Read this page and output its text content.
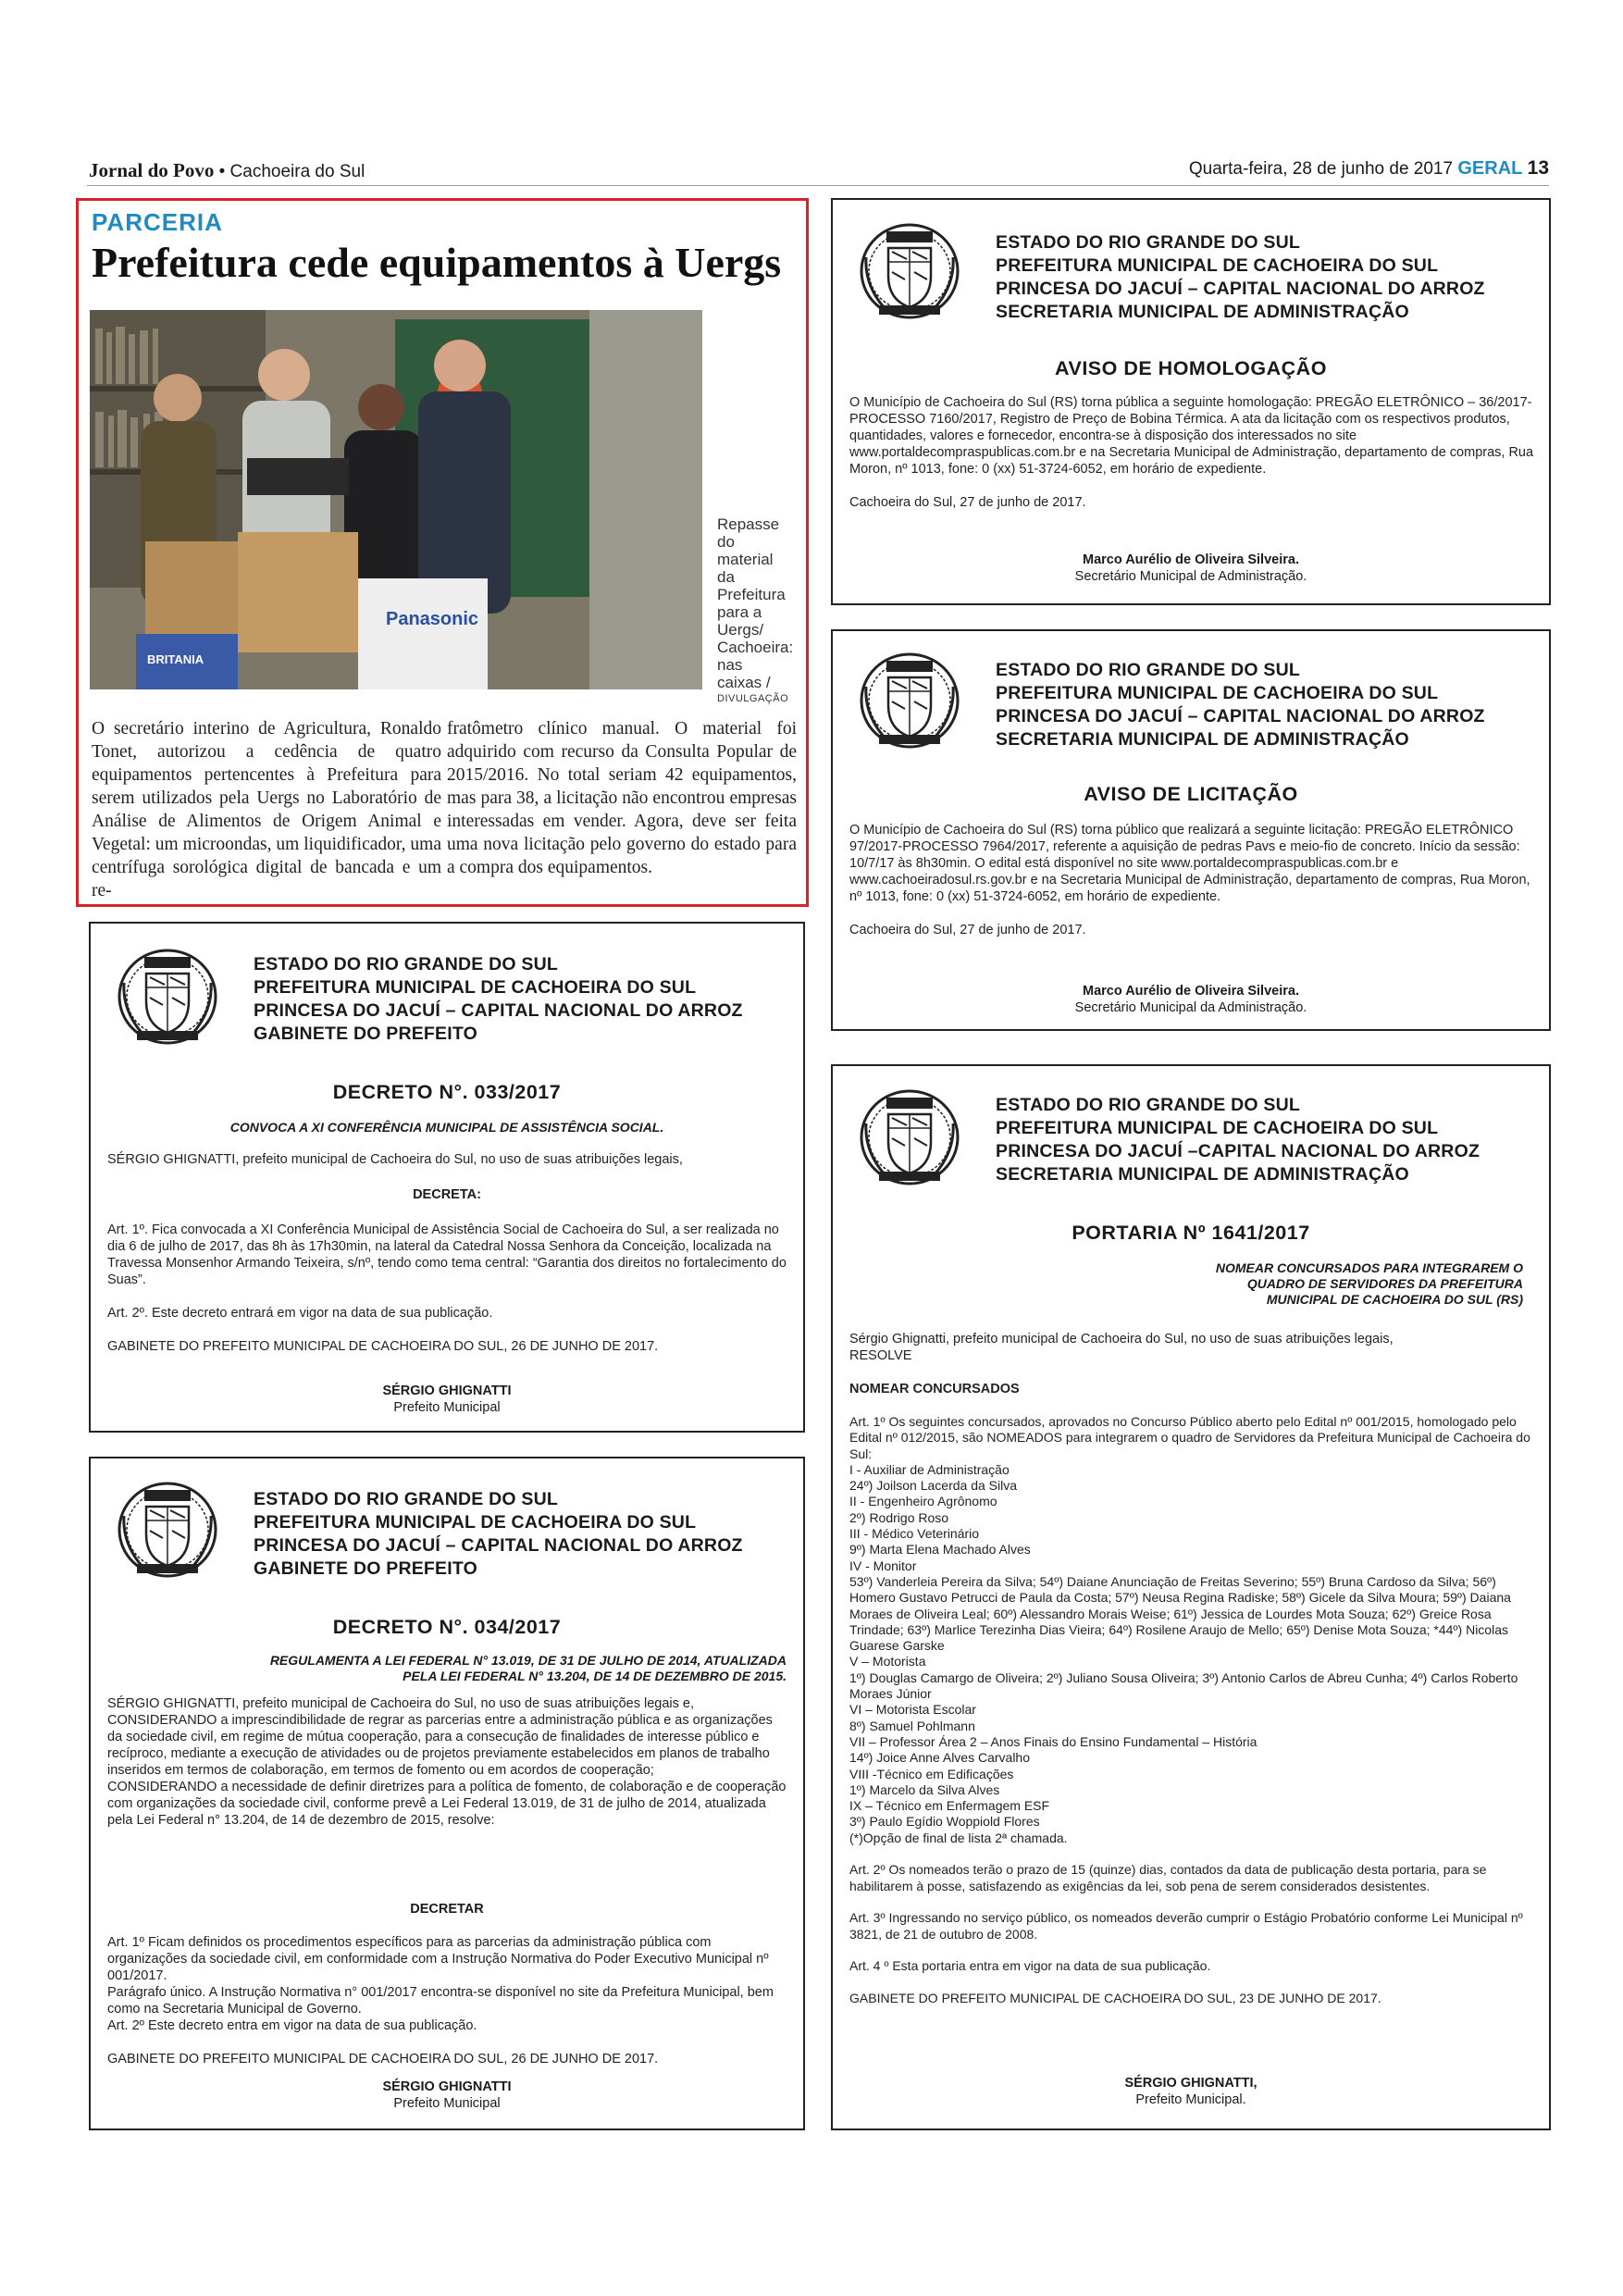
Jornal do Povo • Cachoeira do Sul	Quarta-feira, 28 de junho de 2017 GERAL 13
PARCERIA
Prefeitura cede equipamentos à Uergs
Panasonic
BRITANIA
Repasse do material da Prefeitura para a Uergs/ Cachoeira: nas caixas /
DIVULGAÇÃO
O secretário interino de Agricultura, Ronaldo Tonet, autorizou a cedência de quatro equipamentos pertencentes à Prefeitura para serem utilizados pela Uergs no Laboratório de Análise de Alimentos de Origem Animal e Vegetal: um microondas, um liquidificador, uma centrífuga sorológica digital de bancada e um re-
fratômetro clínico manual. O material foi adquirido com recurso da Consulta Popular de 2015/2016. No total seriam 42 equipamentos, mas para 38, a licitação não encontrou empresas interessadas em vender. Agora, deve ser feita uma nova licitação pelo governo do estado para a compra dos equipamentos.
ESTADO DO RIO GRANDE DO SUL
PREFEITURA MUNICIPAL DE CACHOEIRA DO SUL
PRINCESA DO JACUÍ – CAPITAL NACIONAL DO ARROZ
SECRETARIA MUNICIPAL DE ADMINISTRAÇÃO
AVISO DE HOMOLOGAÇÃO
O Município de Cachoeira do Sul (RS) torna pública a seguinte homologação: PREGÃO ELETRÔNICO – 36/2017-PROCESSO 7160/2017, Registro de Preço de Bobina Térmica. A ata da licitação com os respectivos produtos, quantidades, valores e fornecedor, encontra-se à disposição dos interessados no site www.portaldecompraspublicas.com.br e na Secretaria Municipal de Administração, departamento de compras, Rua Moron, nº 1013, fone: 0 (xx) 51-3724-6052, em horário de expediente.

Cachoeira do Sul, 27 de junho de 2017.
Marco Aurélio de Oliveira Silveira.
Secretário Municipal de Administração.
ESTADO DO RIO GRANDE DO SUL
PREFEITURA MUNICIPAL DE CACHOEIRA DO SUL
PRINCESA DO JACUÍ – CAPITAL NACIONAL DO ARROZ
SECRETARIA MUNICIPAL DE ADMINISTRAÇÃO
AVISO DE LICITAÇÃO
O Município de Cachoeira do Sul (RS) torna público que realizará a seguinte licitação: PREGÃO ELETRÔNICO 97/2017-PROCESSO 7964/2017, referente a aquisição de pedras Pavs e meio-fio de concreto. Início da sessão: 10/7/17 às 8h30min. O edital está disponível no site www.portaldecomprаspublicas.com.br e www.cachoeiradosul.rs.gov.br e na Secretaria Municipal de Administração, departamento de compras, Rua Moron, nº 1013, fone: 0 (xx) 51-3724-6052, em horário de expediente.

Cachoeira do Sul, 27 de junho de 2017.
Marco Aurélio de Oliveira Silveira.
Secretário Municipal da Administração.
ESTADO DO RIO GRANDE DO SUL
PREFEITURA MUNICIPAL DE CACHOEIRA DO SUL
PRINCESA DO JACUÍ – CAPITAL NACIONAL DO ARROZ
GABINETE DO PREFEITO
DECRETO N°. 033/2017
CONVOCA A XI CONFERÊNCIA MUNICIPAL DE ASSISTÊNCIA SOCIAL.
SÉRGIO GHIGNATTI, prefeito municipal de Cachoeira do Sul, no uso de suas atribuições legais,
DECRETA:
Art. 1º. Fica convocada a XI Conferência Municipal de Assistência Social de Cachoeira do Sul, a ser realizada no dia 6 de julho de 2017, das 8h às 17h30min, na lateral da Catedral Nossa Senhora da Conceição, localizada na Travessa Monsenhor Armando Teixeira, s/nº, tendo como tema central: “Garantia dos direitos no fortalecimento do Suas”.

Art. 2º. Este decreto entrará em vigor na data de sua publicação.

GABINETE DO PREFEITO MUNICIPAL DE CACHOEIRA DO SUL, 26 DE JUNHO DE 2017.
SÉRGIO GHIGNATTI
Prefeito Municipal
ESTADO DO RIO GRANDE DO SUL
PREFEITURA MUNICIPAL DE CACHOEIRA DO SUL
PRINCESA DO JACUÍ – CAPITAL NACIONAL DO ARROZ
GABINETE DO PREFEITO
DECRETO N°. 034/2017
REGULAMENTA A LEI FEDERAL N° 13.019, DE 31 DE JULHO DE 2014, ATUALIZADA
PELA LEI FEDERAL N° 13.204, DE 14 DE DEZEMBRO DE 2015.
SÉRGIO GHIGNATTI, prefeito municipal de Cachoeira do Sul, no uso de suas atribuições legais e,
CONSIDERANDO a imprescindibilidade de regrar as parcerias entre a administração pública e as organizações da sociedade civil, em regime de mútua cooperação, para a consecução de finalidades de interesse público e recíproco, mediante a execução de atividades ou de projetos previamente estabelecidos em planos de trabalho inseridos em termos de colaboração, em termos de fomento ou em acordos de cooperação;
CONSIDERANDO a necessidade de definir diretrizes para a política de fomento, de colaboração e de cooperação com organizações da sociedade civil, conforme prevê a Lei Federal 13.019, de 31 de julho de 2014, atualizada pela Lei Federal n° 13.204, de 14 de dezembro de 2015, resolve:
DECRETAR
Art. 1º Ficam definidos os procedimentos específicos para as parcerias da administração pública com organizações da sociedade civil, em conformidade com a Instrução Normativa do Poder Executivo Municipal nº 001/2017.
Parágrafo único. A Instrução Normativa n° 001/2017 encontra-se disponível no site da Prefeitura Municipal, bem como na Secretaria Municipal de Governo.
Art. 2º Este decreto entra em vigor na data de sua publicação.

GABINETE DO PREFEITO MUNICIPAL DE CACHOEIRA DO SUL, 26 DE JUNHO DE 2017.
SÉRGIO GHIGNATTI
Prefeito Municipal
ESTADO DO RIO GRANDE DO SUL
PREFEITURA MUNICIPAL DE CACHOEIRA DO SUL
PRINCESA DO JACUÍ –CAPITAL NACIONAL DO ARROZ
SECRETARIA MUNICIPAL DE ADMINISTRAÇÃO
PORTARIA Nº 1641/2017
NOMEAR CONCURSADOS PARA INTEGRAREM O
QUADRO DE SERVIDORES DA PREFEITURA
MUNICIPAL DE CACHOEIRA DO SUL (RS)
Sérgio Ghignatti, prefeito municipal de Cachoeira do Sul, no uso de suas atribuições legais,
RESOLVE
NOMEAR CONCURSADOS
Art. 1º Os seguintes concursados, aprovados no Concurso Público aberto pelo Edital nº 001/2015, homologado pelo Edital nº 012/2015, são NOMEADOS para integrarem o quadro de Servidores da Prefeitura Municipal de Cachoeira do Sul:
I - Auxiliar de Administração
24º) Joilson Lacerda da Silva
II - Engenheiro Agrônomo
2º) Rodrigo Roso
III - Médico Veterinário
9º) Marta Elena Machado Alves
IV - Monitor
53º) Vanderleia Pereira da Silva; 54º) Daiane Anunciação de Freitas Severino; 55º) Bruna Cardoso da Silva; 56º) Homero Gustavo Petrucci de Paula da Costa; 57º) Neusa Regina Radiske; 58º) Gicele da Silva Moura; 59º) Daiana Moraes de Oliveira Leal; 60º) Alessandro Morais Weise; 61º) Jessica de Lourdes Mota Souza; 62º) Greice Rosa Trindade; 63º) Marlice Terezinha Dias Vieira; 64º) Rosilene Araujo de Mello; 65º) Denise Mota Souza; *44º) Nicolas Guarese Garske
V – Motorista
1º) Douglas Camargo de Oliveira; 2º) Juliano Sousa Oliveira; 3º) Antonio Carlos de Abreu Cunha; 4º) Carlos Roberto Moraes Júnior
VI – Motorista Escolar
8º) Samuel Pohlmann
VII – Professor Área 2 – Anos Finais do Ensino Fundamental – História
14º) Joice Anne Alves Carvalho
VIII -Técnico em Edificações
1º) Marcelo da Silva Alves
IX – Técnico em Enfermagem ESF
3º) Paulo Egídio Woppiold Flores
(*)Opção de final de lista 2ª chamada.

Art. 2º Os nomeados terão o prazo de 15 (quinze) dias, contados da data de publicação desta portaria, para se habilitarem à posse, satisfazendo as exigências da lei, sob pena de serem considerados desistentes.

Art. 3º Ingressando no serviço público, os nomeados deverão cumprir o Estágio Probatório conforme Lei Municipal nº 3821, de 21 de outubro de 2008.

Art. 4 º Esta portaria entra em vigor na data de sua publicação.

GABINETE DO PREFEITO MUNICIPAL DE CACHOEIRA DO SUL, 23 DE JUNHO DE 2017.
SÉRGIO GHIGNATTI,
Prefeito Municipal.
